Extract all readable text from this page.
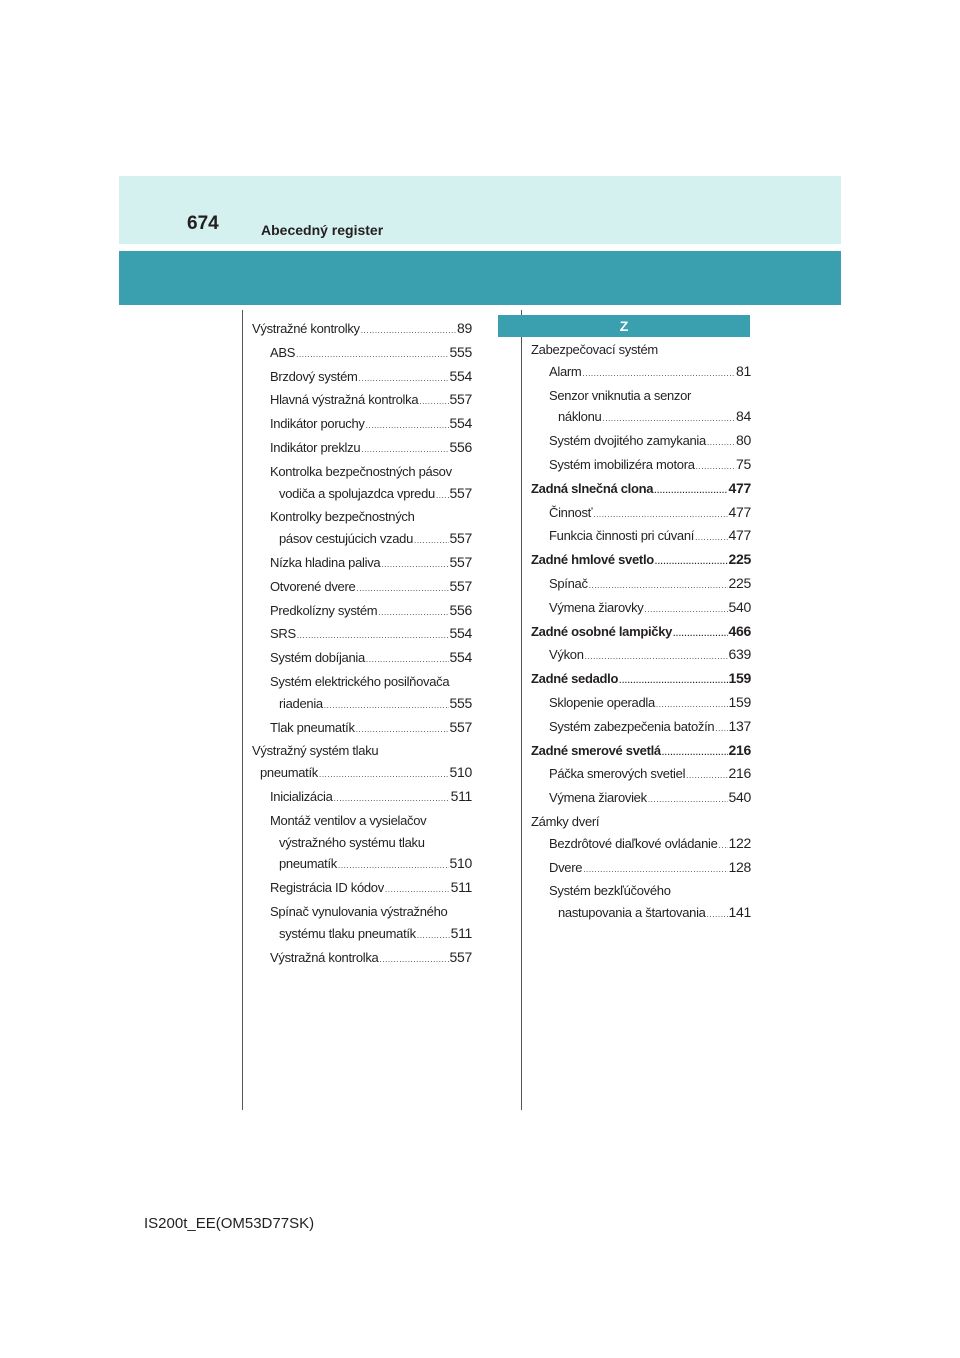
674	Abecedný register
Z
Výstražné kontrolky .....	89
ABS .....	555
Brzdový systém .....	554
Hlavná výstražná kontrolka ..... 557
Indikátor poruchy .....	554
Indikátor preklzu .....	556
Kontrolka bezpečnostných pásov
vodiča a spolujazdca vpredu ..... 557
Kontrolky bezpečnostných
pásov cestujúcich vzadu .....	557
Nízka hladina paliva .....	557
Otvorené dvere .....	557
Predkolízny systém .....	556
SRS .....	554
Systém dobíjania .....	554
Systém elektrického posilňovača
riadenia .....	555
Tlak pneumatík .....	557
Výstražný systém tlaku
pneumatík .....	510
Inicializácia .....	511
Montáž ventilov a vysielačov
výstražného systému tlaku
pneumatík .....	510
Registrácia ID kódov .....	511
Spínač vynulovania výstražného
systému tlaku pneumatík ..... 511
Výstražná kontrolka .....	557
Zabezpečovací systém
Alarm .....	81
Senzor vniknutia a senzor
náklonu .....	84
Systém dvojitého zamykania ..... 80
Systém imobilizéra motora .....	75
Zadná slnečná clona .....	477
Činnosť .....	477
Funkcia činnosti pri cúvaní ..... 477
Zadné hmlové svetlo .....	225
Spínač .....	225
Výmena žiarovky .....	540
Zadné osobné lampičky .....	466
Výkon .....	639
Zadné sedadlo .....	159
Sklopenie operadla .....	159
Systém zabezpečenia batožín ..... 137
Zadné smerové svetlá .....	216
Páčka smerových svetiel .....	216
Výmena žiaroviek .....	540
Zámky dverí
Bezdrôtové diaľkové ovládanie ..... 122
Dvere .....	128
Systém bezkľúčového
nastupovania a štartovania ..... 141
IS200t_EE(OM53D77SK)
